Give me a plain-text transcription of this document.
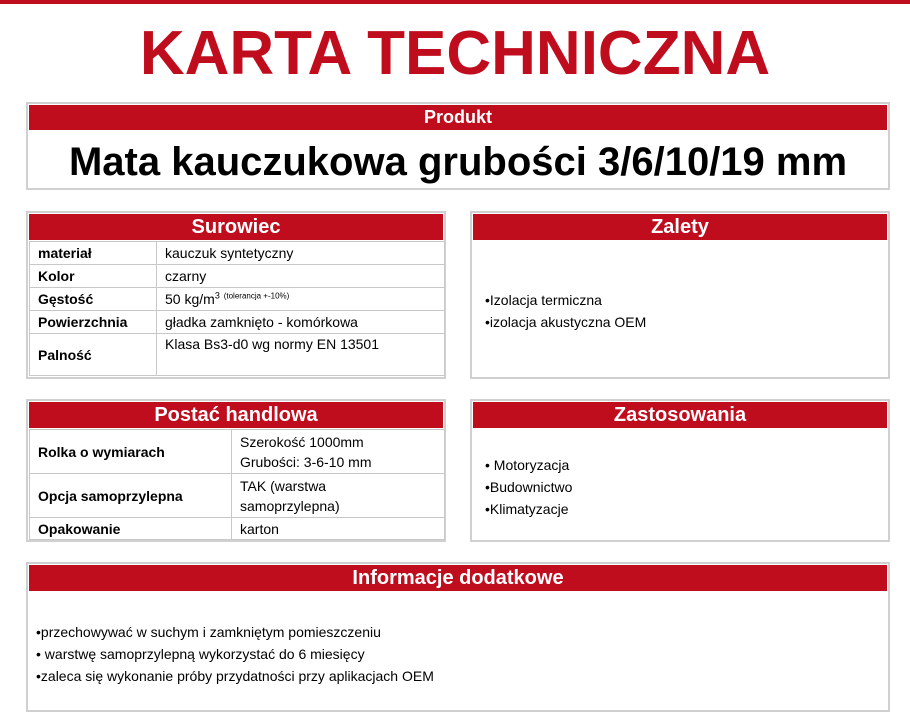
KARTA TECHNICZNA
Produkt
Mata kauczukowa grubości 3/6/10/19 mm
Surowiec
materiał	kauczuk syntetyczny
Kolor	czarny
Gęstość	50 $kg/m^3$ $^{(tolerancja +-10\%)}$
Powierzchnia	gładka zamknięto - komórkowa
Palność	Klasa Bs3-d0 wg normy EN 13501
Zalety
•Izolacja termiczna
•izolacja akustyczna OEM
Postać handlowa
Rolka o wymiarach	Szerokość 1000mm
Grubości: 3-6-10 mm

Opcja samoprzylepna	TAK (warstwa
samoprzylepna)

Opakowanie	karton
Zastosowania
• Motoryzacja
•Budownictwo
•Klimatyzacje
Informacje dodatkowe
•przechowywać w suchym i zamkniętym pomieszczeniu
• warstwę samoprzylepną wykorzystać do 6 miesięcy
•zaleca się wykonanie próby przydatności przy aplikacjach OEM
